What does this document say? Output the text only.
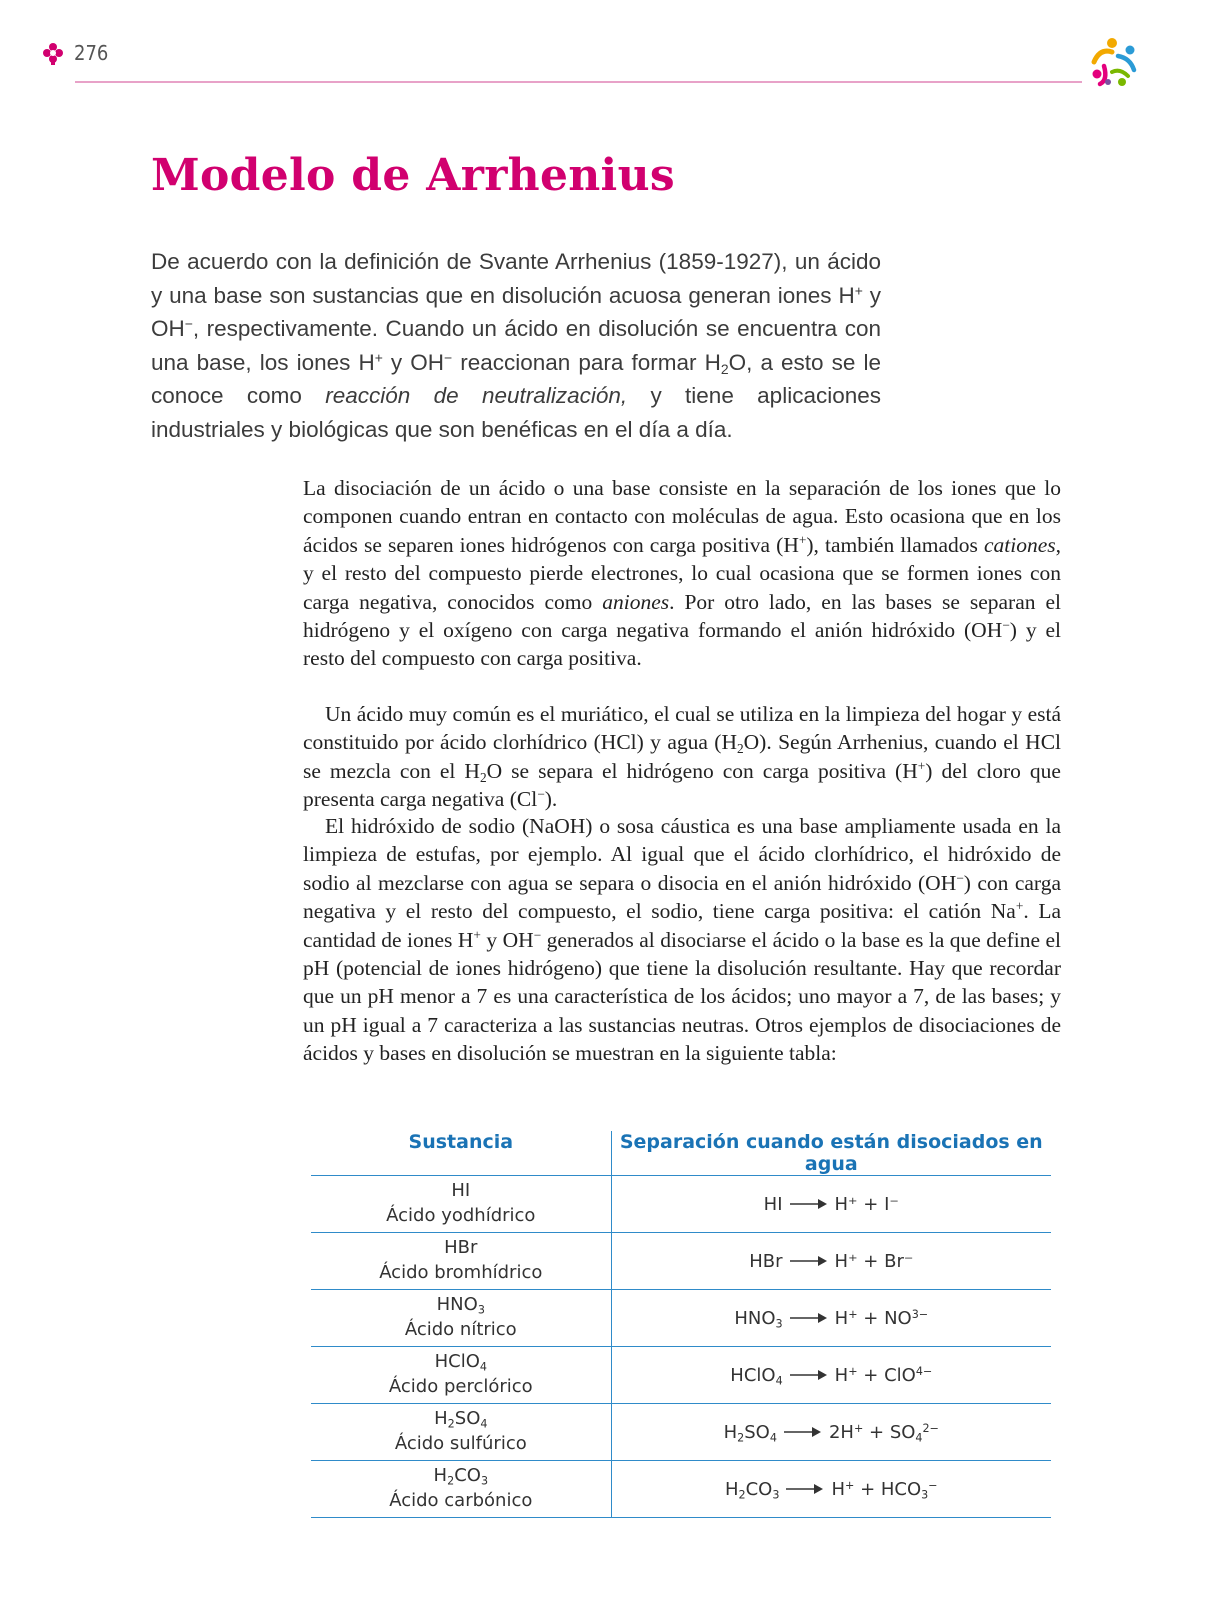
276
Modelo de Arrhenius

De acuerdo con la definición de Svante Arrhenius (1859-1927), un ácido y una base son sustancias que en disolución acuosa generan iones H+ y OH−, respectivamente. Cuando un ácido en disolución se encuentra con una base, los iones H+ y OH− reaccionan para formar $H_2O$, a esto se le conoce como reacción de neutralización, y tiene aplicaciones industriales y biológicas que son benéficas en el día a día.

La disociación de un ácido o una base consiste en la separación de los iones que lo componen cuando entran en contacto con moléculas de agua. Esto ocasiona que en los ácidos se separen iones hidrógenos con carga positiva (H+), también llamados cationes, y el resto del compuesto pierde electrones, lo cual ocasiona que se formen iones con carga negativa, conocidos como aniones. Por otro lado, en las bases se separan el hidrógeno y el oxígeno con carga negativa formando el anión hidróxido (OH−) y el resto del compuesto con carga positiva.

Un ácido muy común es el muriático, el cual se utiliza en la limpieza del hogar y está constituido por ácido clorhídrico (HCl) y agua $(H_2O)$. Según Arrhenius, cuando el HCl se mezcla con el $H_2O$ se separa el hidrógeno con carga positiva (H+) del cloro que presenta carga negativa (Cl−).

El hidróxido de sodio (NaOH) o sosa cáustica es una base ampliamente usada en la limpieza de estufas, por ejemplo. Al igual que el ácido clorhídrico, el hidróxido de sodio al mezclarse con agua se separa o disocia en el anión hidróxido (OH−) con carga negativa y el resto del compuesto, el sodio, tiene carga positiva: el catión Na+. La cantidad de iones H+ y OH− generados al disociarse el ácido o la base es la que define el pH (potencial de iones hidrógeno) que tiene la disolución resultante. Hay que recordar que un pH menor a 7 es una característica de los ácidos; uno mayor a 7, de las bases; y un pH igual a 7 caracteriza a las sustancias neutras. Otros ejemplos de disociaciones de ácidos y bases en disolución se muestran en la siguiente tabla:

Sustancia	Separación cuando están disociados en agua

HI
Ácido yodhídrico	HI H⁺ + I⁻

HBr
Ácido bromhídrico	HBr H⁺ + Br⁻

$HNO_3$
Ácido nítrico	$HNO_3$ $H^+ + NO^{3-}$

HClO$_4$
Ácido perclórico	HClO$_4$ H+ + ClO$^{4-}$

$H_2SO_4$
Ácido sulfúrico	$H_2SO_4$ $2H^+ + SO_4^{2-}$

$H_2CO_3$
Ácido carbónico	$H_2CO_3$ $H^+ + HCO_3^-$
